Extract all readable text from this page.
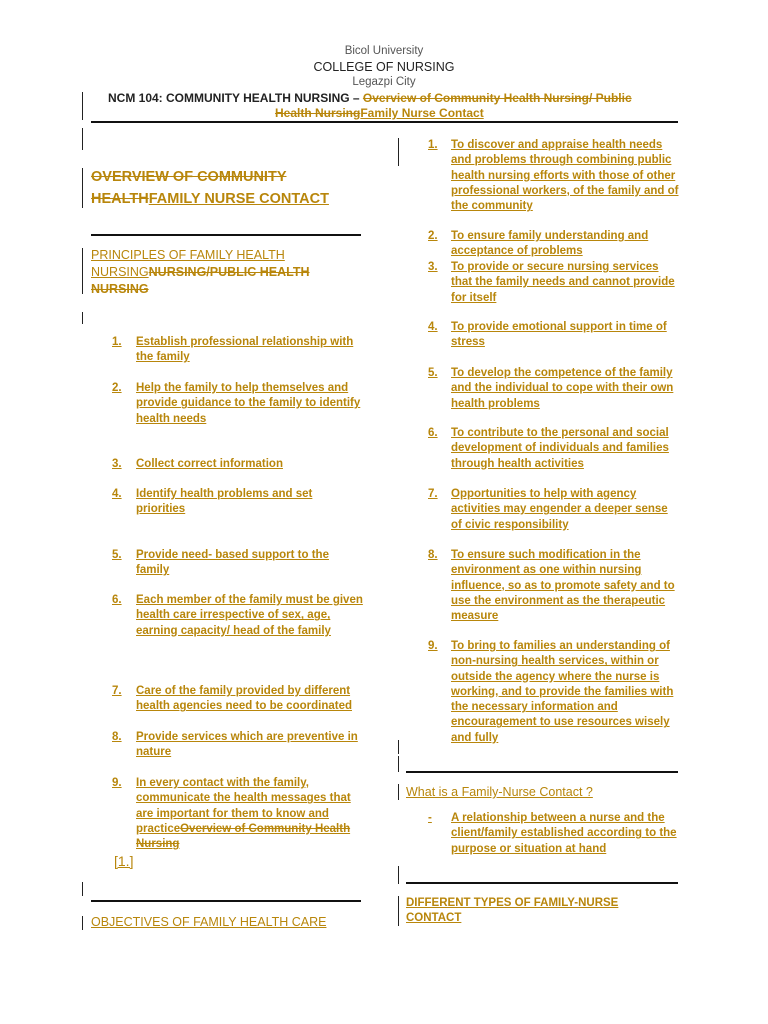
Bicol University
COLLEGE OF NURSING
Legazpi City
NCM 104: COMMUNITY HEALTH NURSING – Overview of Community Health Nursing/ Public
Health NursingFamily Nurse Contact
OVERVIEW OF COMMUNITY
HEALTHFAMILY NURSE CONTACT
PRINCIPLES OF FAMILY HEALTH
NURSINGNURSING/PUBLIC HEALTH
NURSING
1. Establish professional relationship with the family
2. Help the family to help themselves and provide guidance to the family to identify health needs
3. Collect correct information
4. Identify health problems and set priorities
5. Provide need- based support to the family
6. Each member of the family must be given health care irrespective of sex, age, earning capacity/ head of the family
7. Care of the family provided by different health agencies need to be coordinated
8. Provide services which are preventive in nature
9. In every contact with the family, communicate the health messages that are important for them to know and practiceOverview of Community Health Nursing
[1.]
OBJECTIVES OF FAMILY HEALTH CARE
1. To discover and appraise health needs and problems through combining public health nursing efforts with those of other professional workers, of the family and of the community
2. To ensure family understanding and acceptance of problems
3. To provide or secure nursing services that the family needs and cannot provide for itself
4. To provide emotional support in time of stress
5. To develop the competence of the family and the individual to cope with their own health problems
6. To contribute to the personal and social development of individuals and families through health activities
7. Opportunities to help with agency activities may engender a deeper sense of civic responsibility
8. To ensure such modification in the environment as one within nursing influence, so as to promote safety and to use the environment as the therapeutic measure
9. To bring to families an understanding of non-nursing health services, within or outside the agency where the nurse is working, and to provide the families with the necessary information and encouragement to use resources wisely and fully
What is a Family-Nurse Contact ?
- A relationship between a nurse and the client/family established according to the purpose or situation at hand
DIFFERENT TYPES OF FAMILY-NURSE CONTACT
